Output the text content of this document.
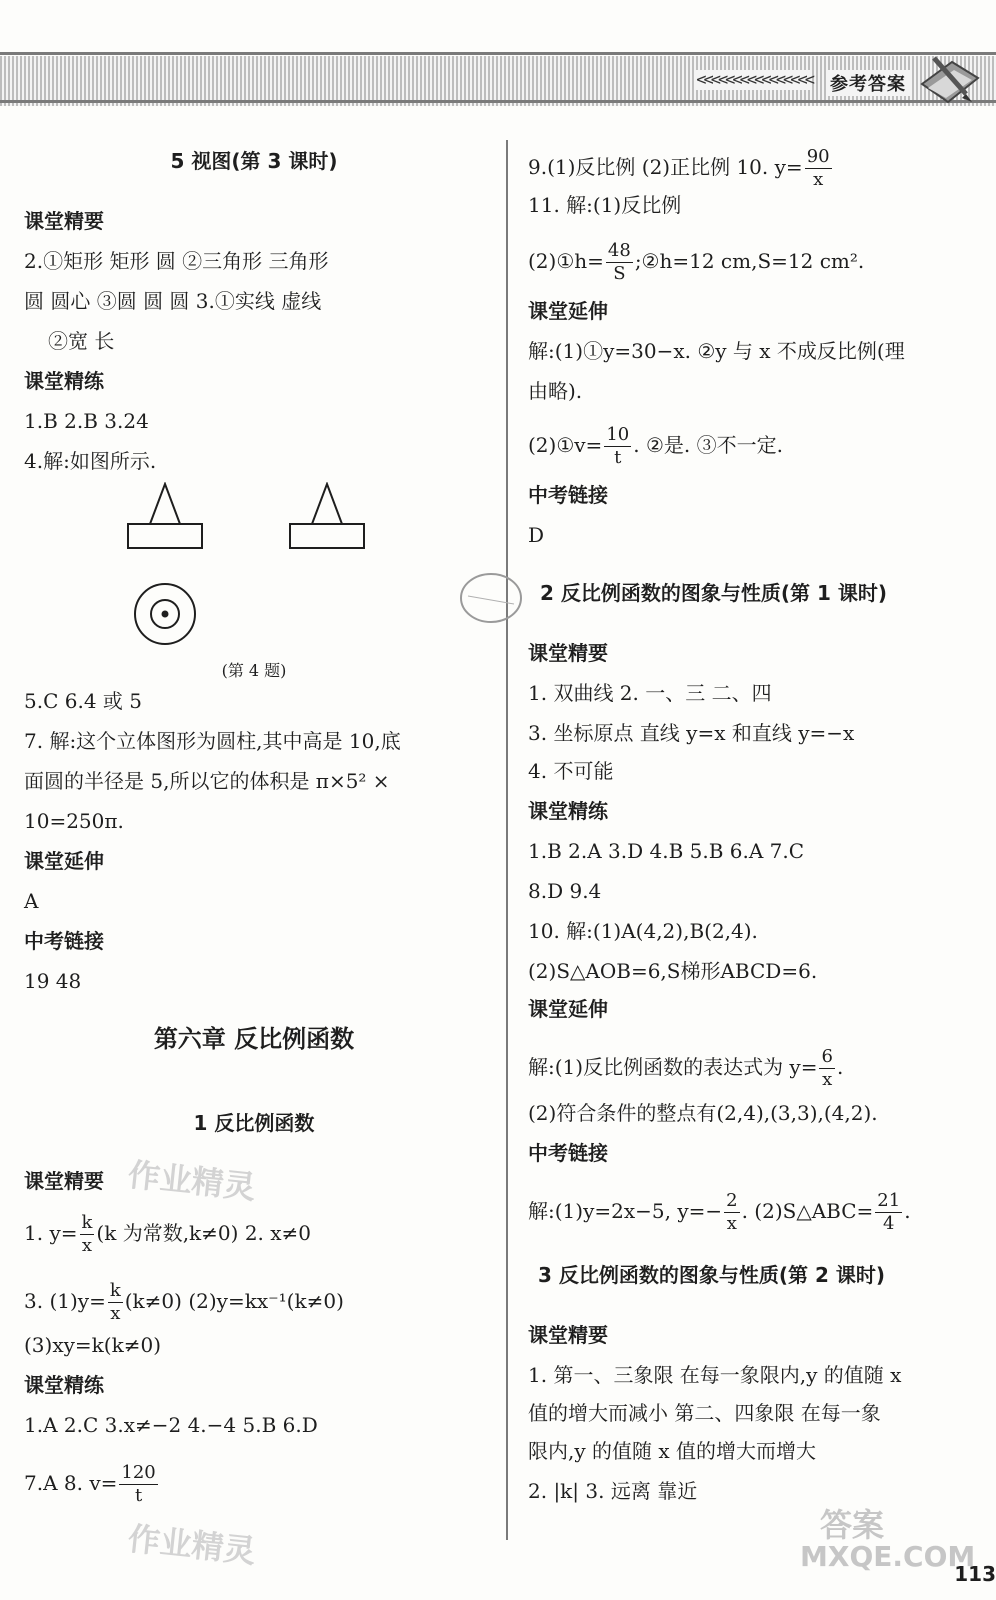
<<<<<<<<<<<<<<<< 参考答案
5 视图(第 3 课时)
课堂精要
2.①矩形 矩形 圆 ②三角形 三角形
圆 圆心 ③圆 圆 圆 3.①实线 虚线
②宽 长
课堂精练
1.B 2.B 3.24
4.解:如图所示.
(第 4 题)
5.C 6.4 或 5
7. 解:这个立体图形为圆柱,其中高是 10,底
面圆的半径是 5,所以它的体积是 π×5² ×
10=250π.
课堂延伸
A
中考链接
19 48
第六章 反比例函数
1 反比例函数
课堂精要
1. $y= \frac{k}{x} (k$ 为常数,k≠0) 2. x≠0
3. $(1)y= \frac{k}{x} (k\ne 0)$ (2)y=kx⁻¹(k≠0)
(3)xy=k(k≠0)
课堂精练
1.A 2.C 3.x≠−2 4.−4 5.B 6.D
7.A 8. $v= \frac{120}{t}$
9.(1)反比例 (2)正比例 10. $y= \frac{90}{x}$
11. 解:(1)反比例
(2)①h= $\frac{48}{S}$ ;②h=12 cm,S=12 cm².
课堂延伸
解:(1)①y=30−x. ②y 与 x 不成反比例(理
由略).
(2)①v= $\frac{10}{t}$ . ②是. ③不一定.
中考链接
D
2 反比例函数的图象与性质(第 1 课时)
课堂精要
1. 双曲线 2. 一、三 二、四
3. 坐标原点 直线 y=x 和直线 y=−x
4. 不可能
课堂精练
1.B 2.A 3.D 4.B 5.B 6.A 7.C
8.D 9.4
10. 解:(1)A(4,2),B(2,4).
(2)S△AOB=6,S梯形ABCD=6.
课堂延伸
解:(1)反比例函数的表达式为 $y= \frac{6}{x}$ .
(2)符合条件的整点有(2,4),(3,3),(4,2).
中考链接
解:(1)y=2x−5, $y=- \frac{2}{x}$ . (2)S△ABC= $\frac{21}{4}$ .
3 反比例函数的图象与性质(第 2 课时)
课堂精要
1. 第一、三象限 在每一象限内,y 的值随 x
值的增大而减小 第二、四象限 在每一象
限内,y 的值随 x 值的增大而增大
2. |k| 3. 远离 靠近
作业精灵
作业精灵	MXQE.COM
答案
113
